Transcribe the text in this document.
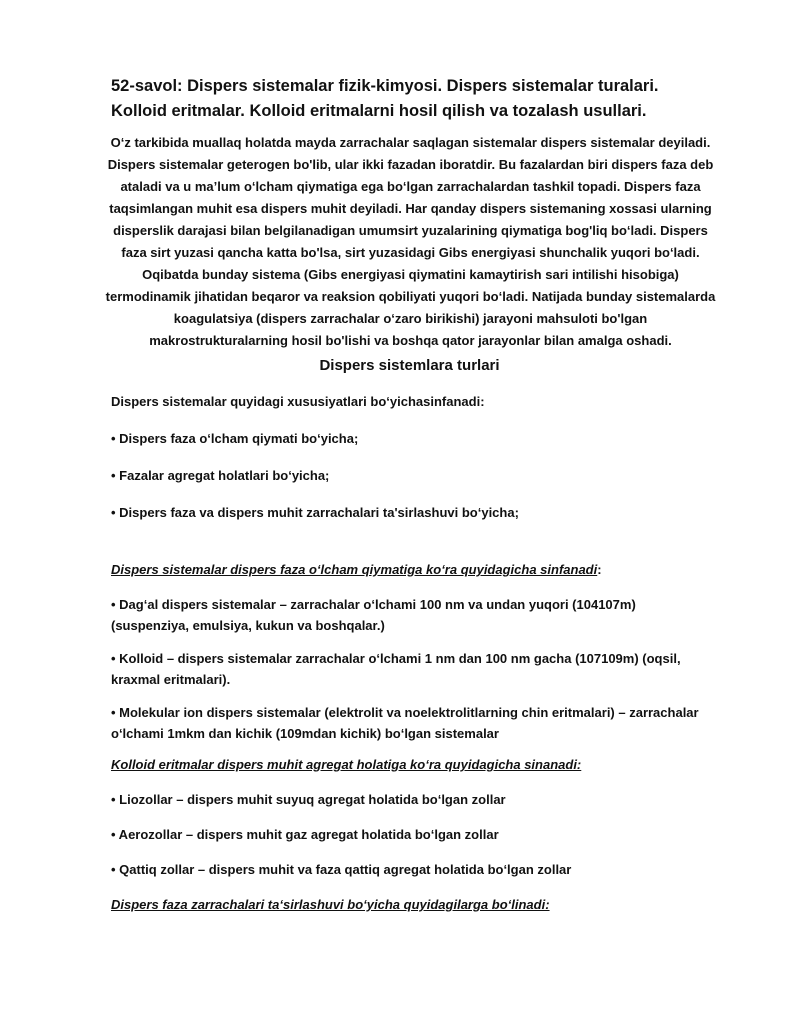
52-savol: Dispers sistemalar fizik-kimyosi. Dispers sistemalar turalari. Kolloid eritmalar. Kolloid eritmalarni hosil qilish va tozalash usullari.

O‘z tarkibida muallaq holatda mayda zarrachalar saqlagan sistemalar dispers sistemalar deyiladi. Dispers sistemalar geterogen bo'lib, ular ikki fazadan iboratdir. Bu fazalardan biri dispers faza deb ataladi va u ma’lum o‘lcham qiymatiga ega bo‘lgan zarrachalardan tashkil topadi. Dispers faza taqsimlangan muhit esa dispers muhit deyiladi. Har qanday dispers sistemaning xossasi ularning disperslik darajasi bilan belgilanadigan umumsirt yuzalarining qiymatiga bog'liq bo‘ladi. Dispers faza sirt yuzasi qancha katta bo'lsa, sirt yuzasidagi Gibs energiyasi shunchalik yuqori bo‘ladi. Oqibatda bunday sistema (Gibs energiyasi qiymatini kamaytirish sari intilishi hisobiga) termodinamik jihatidan beqaror va reaksion qobiliyati yuqori bo‘ladi. Natijada bunday sistemalarda koagulatsiya (dispers zarrachalar o‘zaro birikishi) jarayoni mahsuloti bo'lgan makrostrukturalarning hosil bo'lishi va boshqa qator jarayonlar bilan amalga oshadi.

Dispers sistemlara turlari

Dispers sistemalar quyidagi xususiyatlari bo‘yichasinfanadi:

• Dispers faza o‘lcham qiymati bo‘yicha;

• Fazalar agregat holatlari bo‘yicha;

• Dispers faza va dispers muhit zarrachalari ta'sirlashuvi bo‘yicha;

Dispers sistemalar dispers faza o‘lcham qiymatiga ko‘ra quyidagicha sinfanadi:

• Dag‘al dispers sistemalar – zarrachalar o‘lchami 100 nm va undan yuqori (104107m) (suspenziya, emulsiya, kukun va boshqalar.)

• Kolloid – dispers sistemalar zarrachalar o‘lchami 1 nm dan 100 nm gacha (107109m) (oqsil, kraxmal eritmalari).

• Molekular ion dispers sistemalar (elektrolit va noelektrolitlarning chin eritmalari) – zarrachalar o‘lchami 1mkm dan kichik (109mdan kichik) bo‘lgan sistemalar

Kolloid eritmalar dispers muhit agregat holatiga ko‘ra quyidagicha sinanadi:

• Liozollar – dispers muhit suyuq agregat holatida bo‘lgan zollar

• Aerozollar – dispers muhit gaz agregat holatida bo‘lgan zollar

• Qattiq zollar – dispers muhit va faza qattiq agregat holatida bo‘lgan zollar

Dispers faza zarrachalari ta‘sirlashuvi bo‘yicha quyidagilarga bo‘linadi:
